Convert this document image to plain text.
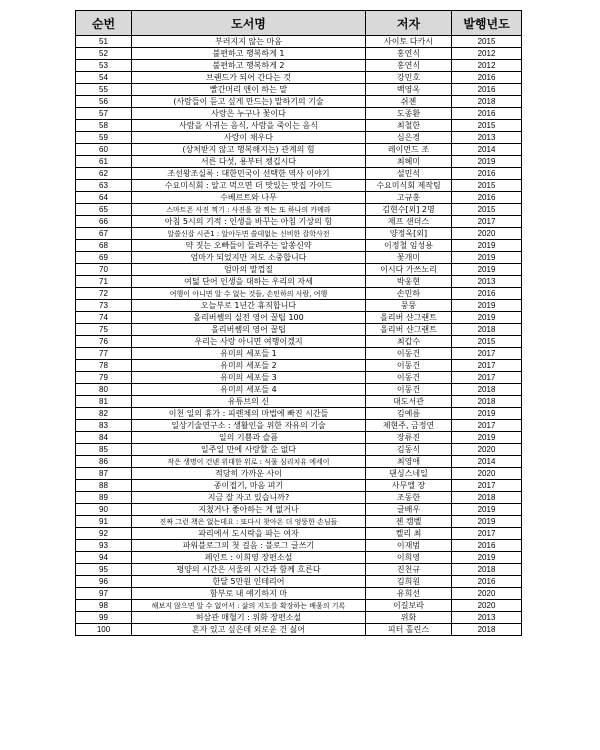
순번	도서명	저자	발행년도
51	부러지지 않는 마음	사이토 다카시	2015
52	불편하고 행복하게 1	홍연식	2012
53	불편하고 행복하게 2	홍연식	2012
54	브랜드가 되어 간다는 것	강민호	2016
55	빨간머리 앤이 하는 말	백영옥	2016
56	(사람들이 듣고 싶게 만드는) 말하기의 기술	쉬젠	2018
57	사랑은 누구나 꽃이다	도종환	2016
58	사람을 사귀는 음식, 사람을 죽이는 음식	최철한	2015
59	사랑이 채우다	심은경	2013
60	(상처받지 않고 행복해지는) 관계의 힘	레이먼드 조	2014
61	서른 다섯, 용부터 챙깁시다	최혜미	2019
62	조선왕조실록 : 대한민국이 선택한 역사 이야기	설민석	2016
63	수요미식회 : 알고 먹으면 더 맛있는 맛집 가이드	수요미식회 제작팀	2015
64	수베르트와 나무	고규홍	2016
65	스마트폰 사진 찍기 : 사진을 잘 찍는 또 하나의 카메라	김현수[외] 2명	2015
66	아침 5시의 기적 : 인생을 바꾸는 아침 기상의 힘	제프 샌더스	2017
67	알쓸신잡 시즌1 : 알아두면 쓸데없는 신비한 잡학사전	양정욱[외]	2020
68	약 짓는 오빠들이 들려주는 알쏭신약	이정철 임성용	2019
69	엄마가 되었지만 저도 소중합니다	꽃개미	2019
70	엄마의 말껍질	이시다 가쓰노리	2019
71	여덟 단어 인생을 대하는 우리의 자세	박웅현	2013
72	여행이 아니면 알 수 없는 것들, 손민하의 사람, 여행	손민하	2016
73	오늘부로 1년간 휴직합니다	뭉뭉	2019
74	올리버쌤의 실전 영어 꿀팁 100	올리버 샨그랜트	2019
75	올리버쌤의 영어 꿀팁	올리버 샨그랜트	2018
76	우리는 사랑 아니면 여행이겠지	최갑수	2015
77	유미의 세포들 1	이동건	2017
78	유미의 세포들 2	이동건	2017
79	유미의 세포들 3	이동건	2017
80	유미의 세포들 4	이동건	2018
81	유튜브의 신	대도서관	2018
82	이천 일의 휴가 : 피렌체의 마법에 빠진 시간들	김예름	2019
83	일상기술연구소 : 생활인을 위한 자유의 기술	제현주, 금정연	2017
84	일의 기쁨과 슬픔	장류진	2019
85	일주일 만에 사랑할 순 없다	김동식	2020
86	작은 생명이 건넨 위대한 위로 : 식물 심리치유 에세이	최영애	2014
87	적당히 가까운 사이	댄싱스네일	2020
88	종이접기, 마음 펴기	사무엘 장	2017
89	지금 잘 자고 있습니까?	조동한	2018
90	지쳤거나 좋아하는 게 없거나	글배우	2019
91	진짜 그런 책은 없는데요 : 또다시 찾아온 더 엉뚱한 손님들	젠 캠벨	2019
92	파리에서 도시락을 파는 여자	켈리 최	2017
93	파워블로그의 첫 걸음 : 블로그 글쓰기	이재범	2016
94	페인트 : 이희영 장편소설	이희영	2019
95	평양의 시간은 서울의 시간과 함께 흐른다	진천규	2018
96	한달 5만원 인테리어	김희원	2016
97	함부로 내 얘기하지 마	유희선	2020
98	해보지 않으면 알 수 없어서 : 삶의 지도를 확장하는 배움의 기록	이길보라	2020
99	허삼관 매혈기 : 위화 장편소설	위화	2013
100	혼자 있고 싶은데 외로운 건 싫어	피터 홀린스	2018
